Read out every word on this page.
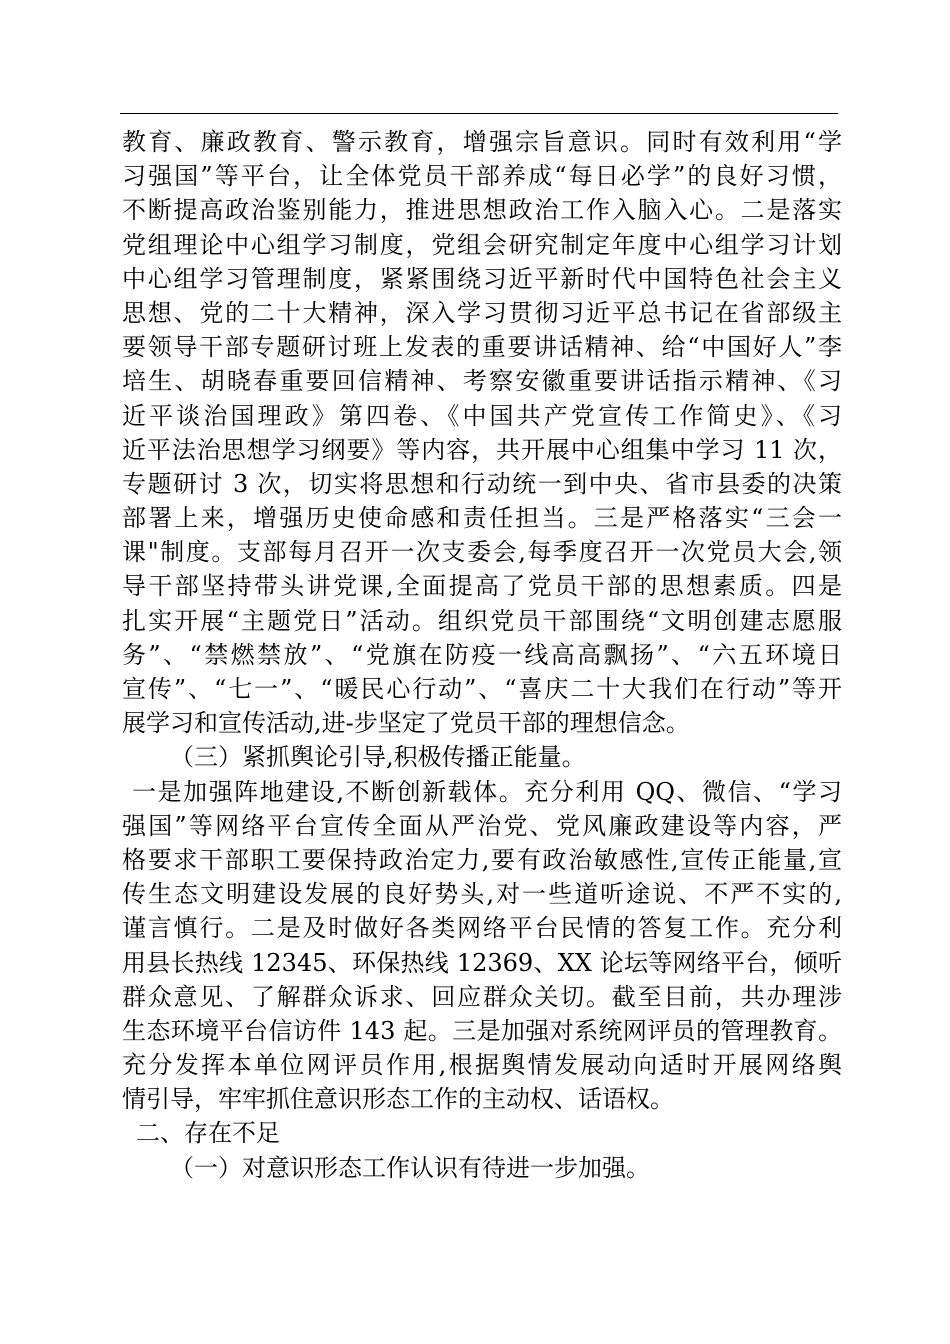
教育、廉政教育、警示教育，增强宗旨意识。同时有效利用“学
习强国”等平台，让全体党员干部养成“每日必学”的良好习惯，
不断提高政治鉴别能力，推进思想政治工作入脑入心。二是落实
党组理论中心组学习制度，党组会研究制定年度中心组学习计划
中心组学习管理制度，紧紧围绕习近平新时代中国特色社会主义
思想、党的二十大精神，深入学习贯彻习近平总书记在省部级主
要领导干部专题研讨班上发表的重要讲话精神、给“中国好人”李
培生、胡晓春重要回信精神、考察安徽重要讲话指示精神、《习
近平谈治国理政》第四卷、《中国共产党宣传工作简史》、《习
近平法治思想学习纲要》等内容，共开展中心组集中学习 11 次，
专题研讨 3 次，切实将思想和行动统一到中央、省市县委的决策
部署上来，增强历史使命感和责任担当。三是严格落实“三会一
课"制度。支部每月召开一次支委会,每季度召开一次党员大会,领
导干部坚持带头讲党课,全面提高了党员干部的思想素质。四是
扎实开展“主题党日”活动。组织党员干部围绕“文明创建志愿服
务”、“禁燃禁放”、“党旗在防疫一线高高飘扬”、“六五环境日
宣传”、“七一”、“暖民心行动”、“喜庆二十大我们在行动”等开
展学习和宣传活动,进-步坚定了党员干部的理想信念。
（三）紧抓舆论引导,积极传播正能量。
一是加强阵地建设,不断创新载体。充分利用 QQ、微信、“学习
强国”等网络平台宣传全面从严治党、党风廉政建设等内容，严
格要求干部职工要保持政治定力,要有政治敏感性,宣传正能量,宣
传生态文明建设发展的良好势头,对一些道听途说、不严不实的,
谨言慎行。二是及时做好各类网络平台民情的答复工作。充分利
用县长热线 12345、环保热线 12369、XX 论坛等网络平台，倾听
群众意见、了解群众诉求、回应群众关切。截至目前，共办理涉
生态环境平台信访件 143 起。三是加强对系统网评员的管理教育。
充分发挥本单位网评员作用,根据舆情发展动向适时开展网络舆
情引导，牢牢抓住意识形态工作的主动权、话语权。
二、存在不足
（一）对意识形态工作认识有待进一步加强。
